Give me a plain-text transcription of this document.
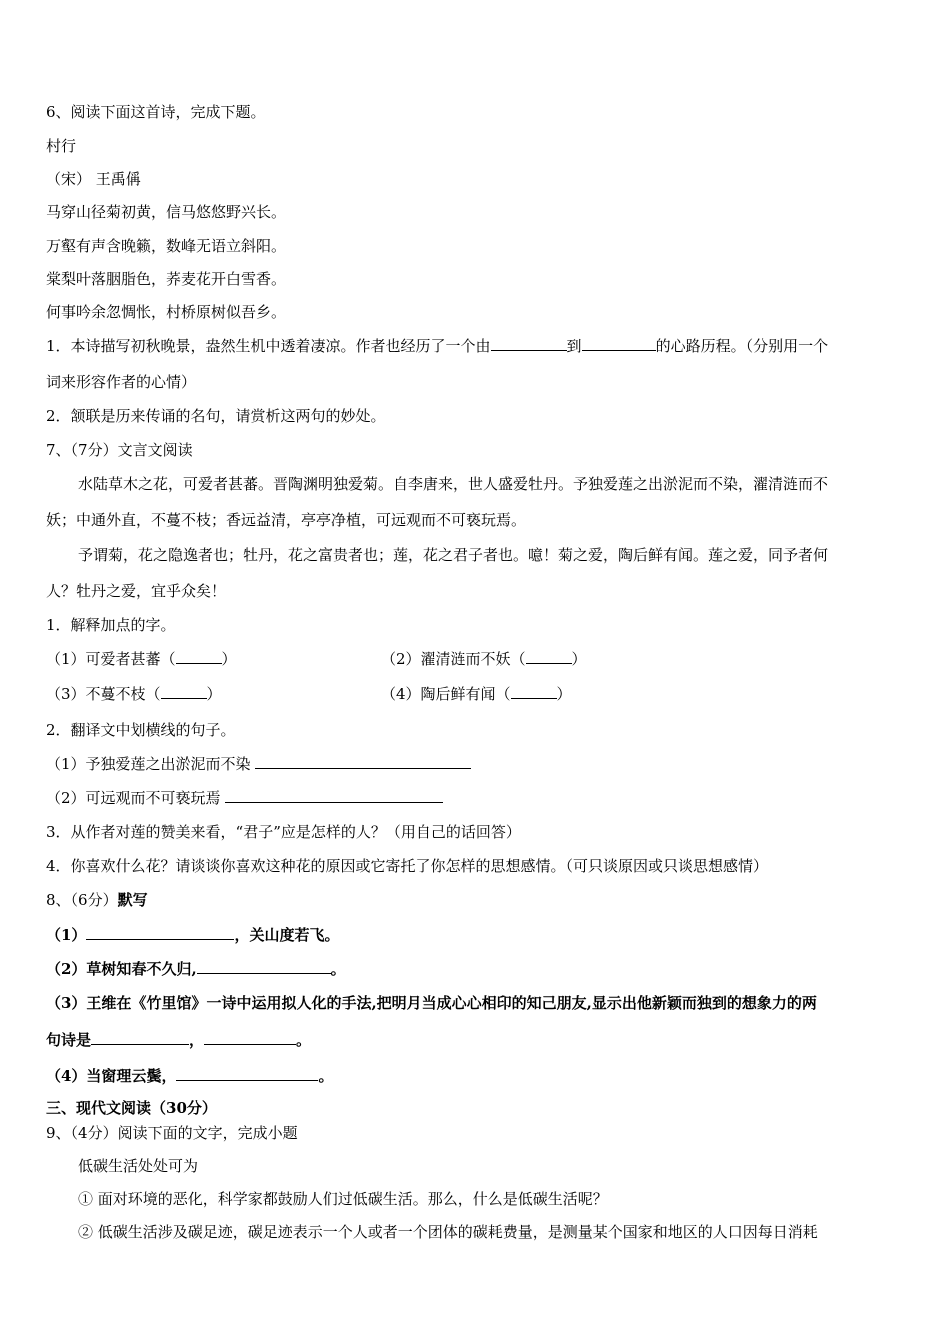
6、阅读下面这首诗，完成下题。
村行
（宋） 王禹偁
马穿山径菊初黄，信马悠悠野兴长。
万壑有声含晚籁，数峰无语立斜阳。
棠梨叶落胭脂色，荞麦花开白雪香。
何事吟余忽惆怅，村桥原树似吾乡。
1．本诗描写初秋晚景，盎然生机中透着凄凉。作者也经历了一个由	到	的心路历程。（分别用一个
词来形容作者的心情）
2．颔联是历来传诵的名句，请赏析这两句的妙处。
7、（7分）文言文阅读
水陆草木之花，可爱者甚蕃。晋陶渊明独爱菊。自李唐来，世人盛爱牡丹。予独爱莲之出淤泥而不染，濯清涟而不
妖；中通外直，不蔓不枝；香远益清，亭亭净植，可远观而不可亵玩焉。
予谓菊，花之隐逸者也；牡丹，花之富贵者也；莲，花之君子者也。噫！菊之爱，陶后鲜有闻。莲之爱，同予者何
人？牡丹之爱，宜乎众矣！
1．解释加点的字。
（1）可爱者甚蕃（	）	（2）濯清涟而不妖（	）
（3）不蔓不枝（	）	（4）陶后鲜有闻（	）
2．翻译文中划横线的句子。
（1）予独爱莲之出淤泥而不染
（2）可远观而不可亵玩焉
3．从作者对莲的赞美来看，“君子”应是怎样的人？（用自己的话回答）
4．你喜欢什么花？请谈谈你喜欢这种花的原因或它寄托了你怎样的思想感情。（可只谈原因或只谈思想感情）
8、（6分）默写
（1）	，关山度若飞。
（2）草树知春不久归,	。
（3）王维在《竹里馆》一诗中运用拟人化的手法,把明月当成心心相印的知己朋友,显示出他新颖而独到的想象力的两
句诗是	，	。
（4）当窗理云鬓，	。
三、现代文阅读（30分）
9、（4分）阅读下面的文字，完成小题
低碳生活处处可为
① 面对环境的恶化，科学家都鼓励人们过低碳生活。那么，什么是低碳生活呢？
② 低碳生活涉及碳足迹，碳足迹表示一个人或者一个团体的碳耗费量，是测量某个国家和地区的人口因每日消耗
